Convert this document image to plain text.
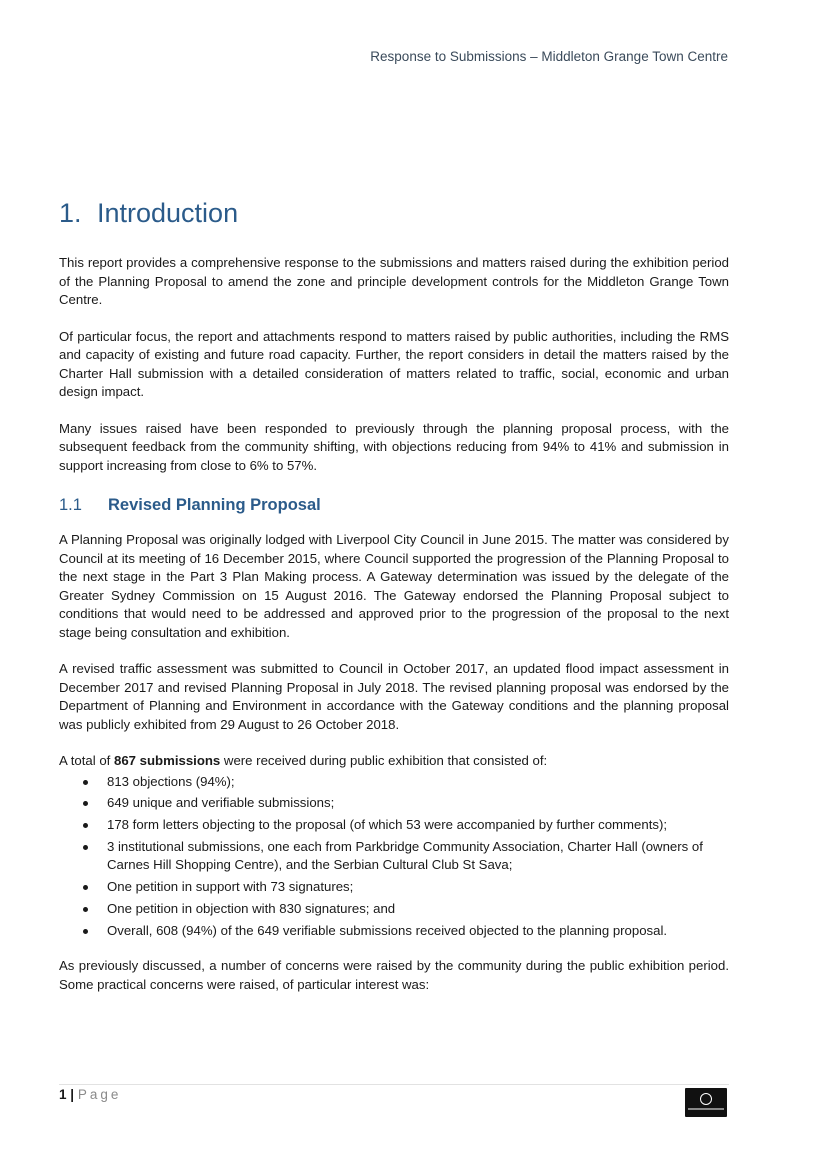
Response to Submissions – Middleton Grange Town Centre
1. Introduction

This report provides a comprehensive response to the submissions and matters raised during the exhibition period of the Planning Proposal to amend the zone and principle development controls for the Middleton Grange Town Centre.

Of particular focus, the report and attachments respond to matters raised by public authorities, including the RMS and capacity of existing and future road capacity. Further, the report considers in detail the matters raised by the Charter Hall submission with a detailed consideration of matters related to traffic, social, economic and urban design impact.

Many issues raised have been responded to previously through the planning proposal process, with the subsequent feedback from the community shifting, with objections reducing from 94% to 41% and submission in support increasing from close to 6% to 57%.

1.1 Revised Planning Proposal

A Planning Proposal was originally lodged with Liverpool City Council in June 2015. The matter was considered by Council at its meeting of 16 December 2015, where Council supported the progression of the Planning Proposal to the next stage in the Part 3 Plan Making process. A Gateway determination was issued by the delegate of the Greater Sydney Commission on 15 August 2016. The Gateway endorsed the Planning Proposal subject to conditions that would need to be addressed and approved prior to the progression of the proposal to the next stage being consultation and exhibition.

A revised traffic assessment was submitted to Council in October 2017, an updated flood impact assessment in December 2017 and revised Planning Proposal in July 2018. The revised planning proposal was endorsed by the Department of Planning and Environment in accordance with the Gateway conditions and the planning proposal was publicly exhibited from 29 August to 26 October 2018.

A total of 867 submissions were received during public exhibition that consisted of:

813 objections (94%);
649 unique and verifiable submissions;
178 form letters objecting to the proposal (of which 53 were accompanied by further comments);
3 institutional submissions, one each from Parkbridge Community Association, Charter Hall (owners of Carnes Hill Shopping Centre), and the Serbian Cultural Club St Sava;
One petition in support with 73 signatures;
One petition in objection with 830 signatures; and
Overall, 608 (94%) of the 649 verifiable submissions received objected to the planning proposal.

As previously discussed, a number of concerns were raised by the community during the public exhibition period. Some practical concerns were raised, of particular interest was:

1 | Page
